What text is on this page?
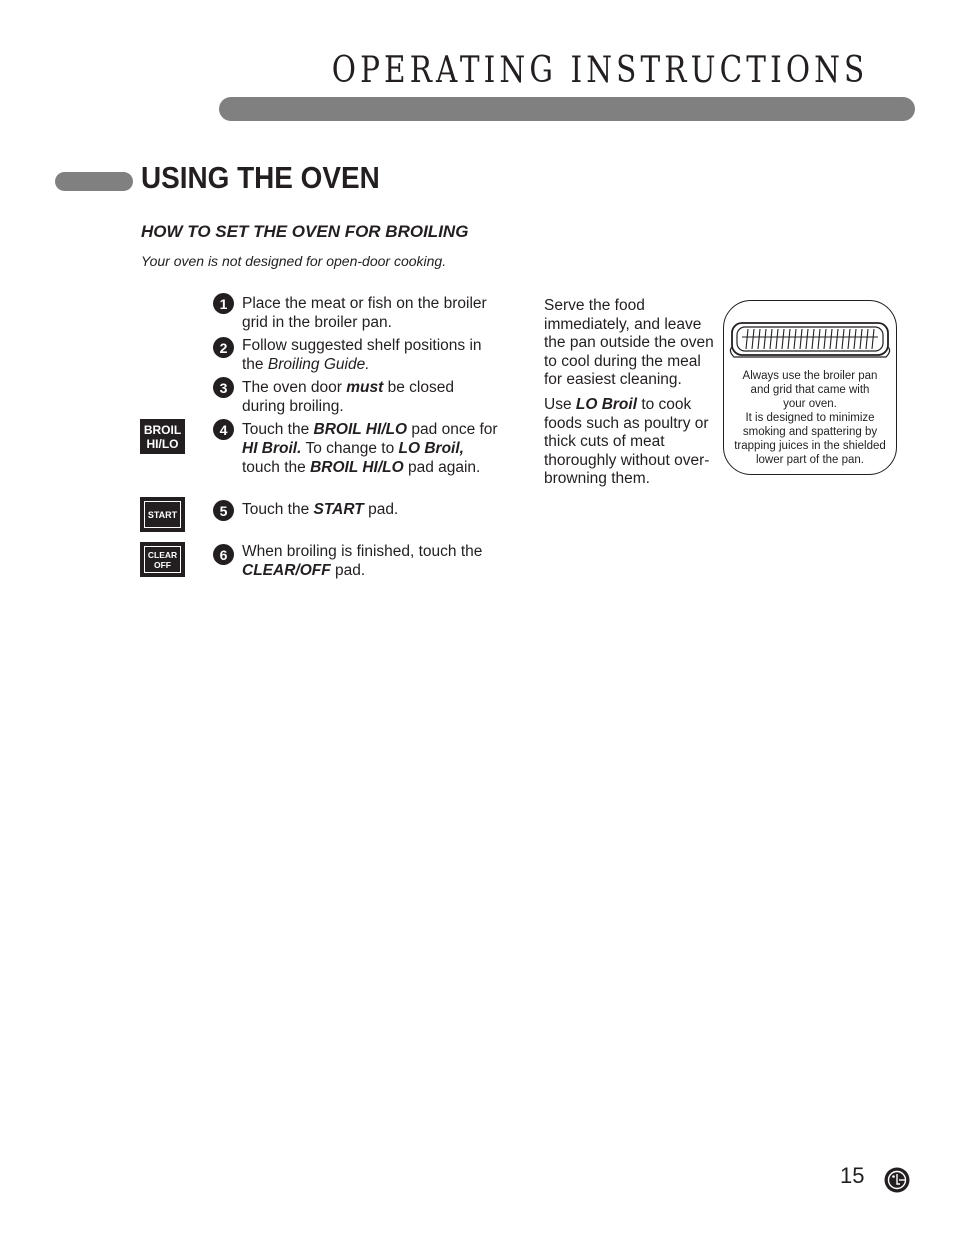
OPERATING INSTRUCTIONS
USING THE OVEN
HOW TO SET THE OVEN FOR BROILING
Your oven is not designed for open-door cooking.
1 Place the meat or fish on the broiler grid in the broiler pan.
2 Follow suggested shelf positions in the Broiling Guide.
3 The oven door must be closed during broiling.
4 Touch the BROIL HI/LO pad once for HI Broil. To change to LO Broil, touch the BROIL HI/LO pad again.
5 Touch the START pad.
6 When broiling is finished, touch the CLEAR/OFF pad.
BROIL
HI/LO
START
CLEAR
OFF

Serve the food immediately, and leave the pan outside the oven to cool during the meal for easiest cleaning.

Use LO Broil to cook foods such as poultry or thick cuts of meat thoroughly without over-browning them.

Always use the broiler pan and grid that came with your oven.
It is designed to minimize smoking and spattering by trapping juices in the shielded lower part of the pan.
15
